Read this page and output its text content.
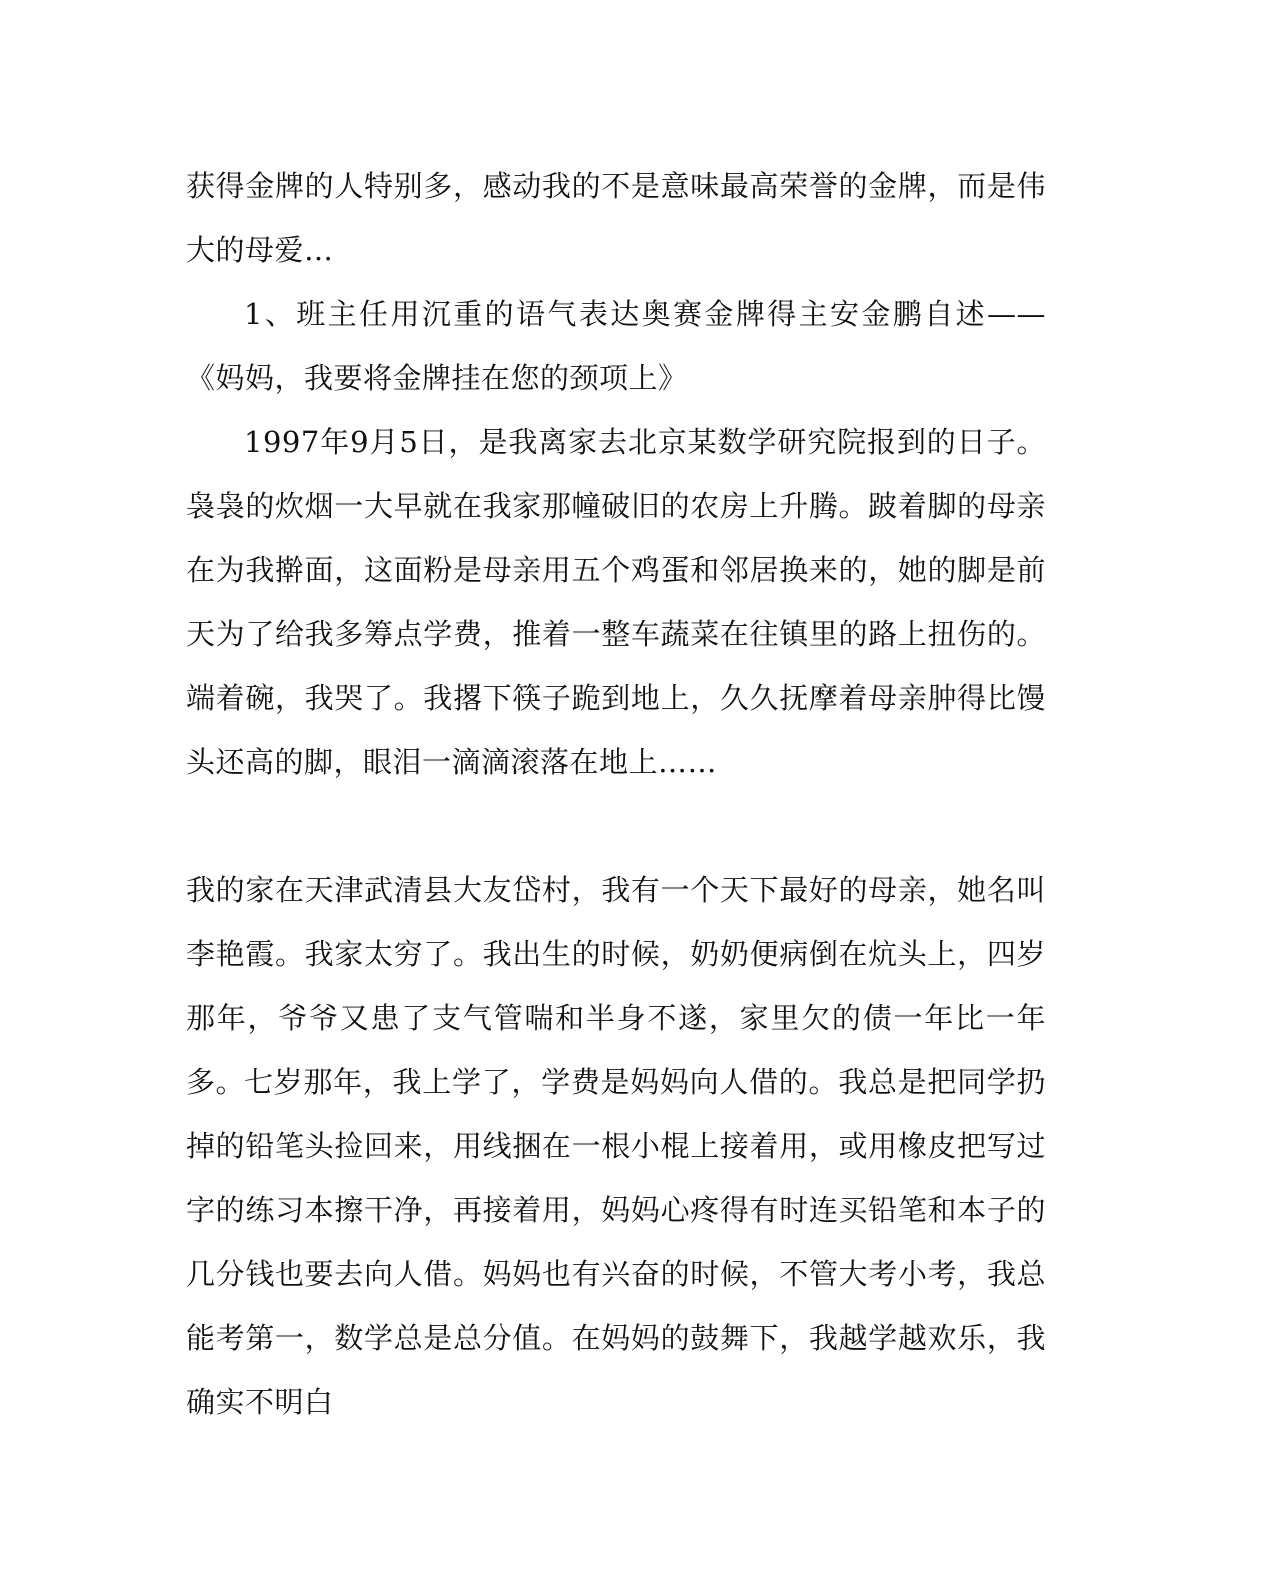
获得金牌的人特别多，感动我的不是意味最高荣誉的金牌，而是伟大的母爱…

1、班主任用沉重的语气表达奥赛金牌得主安金鹏自述——《妈妈，我要将金牌挂在您的颈项上》

1997年9月5日，是我离家去北京某数学研究院报到的日子。袅袅的炊烟一大早就在我家那幢破旧的农房上升腾。跛着脚的母亲在为我擀面，这面粉是母亲用五个鸡蛋和邻居换来的，她的脚是前天为了给我多筹点学费，推着一整车蔬菜在往镇里的路上扭伤的。端着碗，我哭了。我撂下筷子跪到地上，久久抚摩着母亲肿得比馒头还高的脚，眼泪一滴滴滚落在地上……

我的家在天津武清县大友岱村，我有一个天下最好的母亲，她名叫李艳霞。我家太穷了。我出生的时候，奶奶便病倒在炕头上，四岁那年，爷爷又患了支气管喘和半身不遂，家里欠的债一年比一年多。

七岁那年，我上学了，学费是妈妈向人借的。我总是把同学扔掉的铅笔头捡回来，用线捆在一根小棍上接着用，或用橡皮把写过字的练习本擦干净，再接着用，妈妈心疼得有时连买铅笔和本子的几分钱也要去向人借。妈妈也有兴奋的时候，不管大考小考，我总能考第一，数学总是总分值。在妈妈的鼓舞下，我越学越欢乐，我确实不明白
